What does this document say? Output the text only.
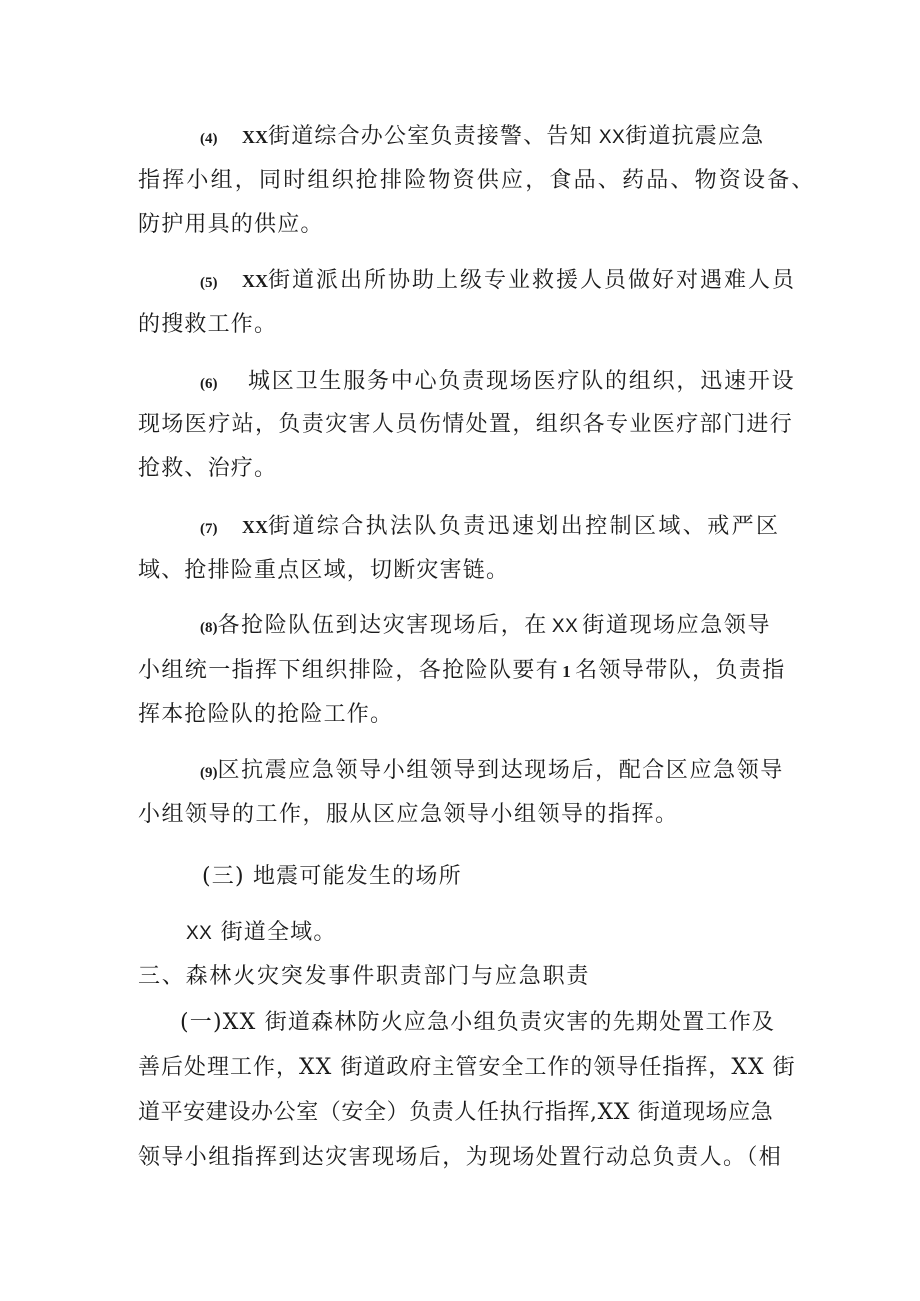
(4) XX街道综合办公室负责接警、告知 XX街道抗震应急
指挥小组，同时组织抢排险物资供应，食品、药品、物资设备、
防护用具的供应。
(5) XX街道派出所协助上级专业救援人员做好对遇难人员
的搜救工作。
(6) 城区卫生服务中心负责现场医疗队的组织，迅速开设
现场医疗站，负责灾害人员伤情处置，组织各专业医疗部门进行
抢救、治疗。
(7) XX街道综合执法队负责迅速划出控制区域、戒严区
域、抢排险重点区域，切断灾害链。
(8)各抢险队伍到达灾害现场后，在 XX 街道现场应急领导
小组统一指挥下组织排险，各抢险队要有 1 名领导带队，负责指
挥本抢险队的抢险工作。
(9)区抗震应急领导小组领导到达现场后，配合区应急领导
小组领导的工作，服从区应急领导小组领导的指挥。
(三) 地震可能发生的场所
XX 街道全域。
三、森林火灾突发事件职责部门与应急职责
(一)XX 街道森林防火应急小组负责灾害的先期处置工作及
善后处理工作，XX 街道政府主管安全工作的领导任指挥，XX 街
道平安建设办公室（安全）负责人任执行指挥,XX 街道现场应急
领导小组指挥到达灾害现场后，为现场处置行动总负责人。（相
